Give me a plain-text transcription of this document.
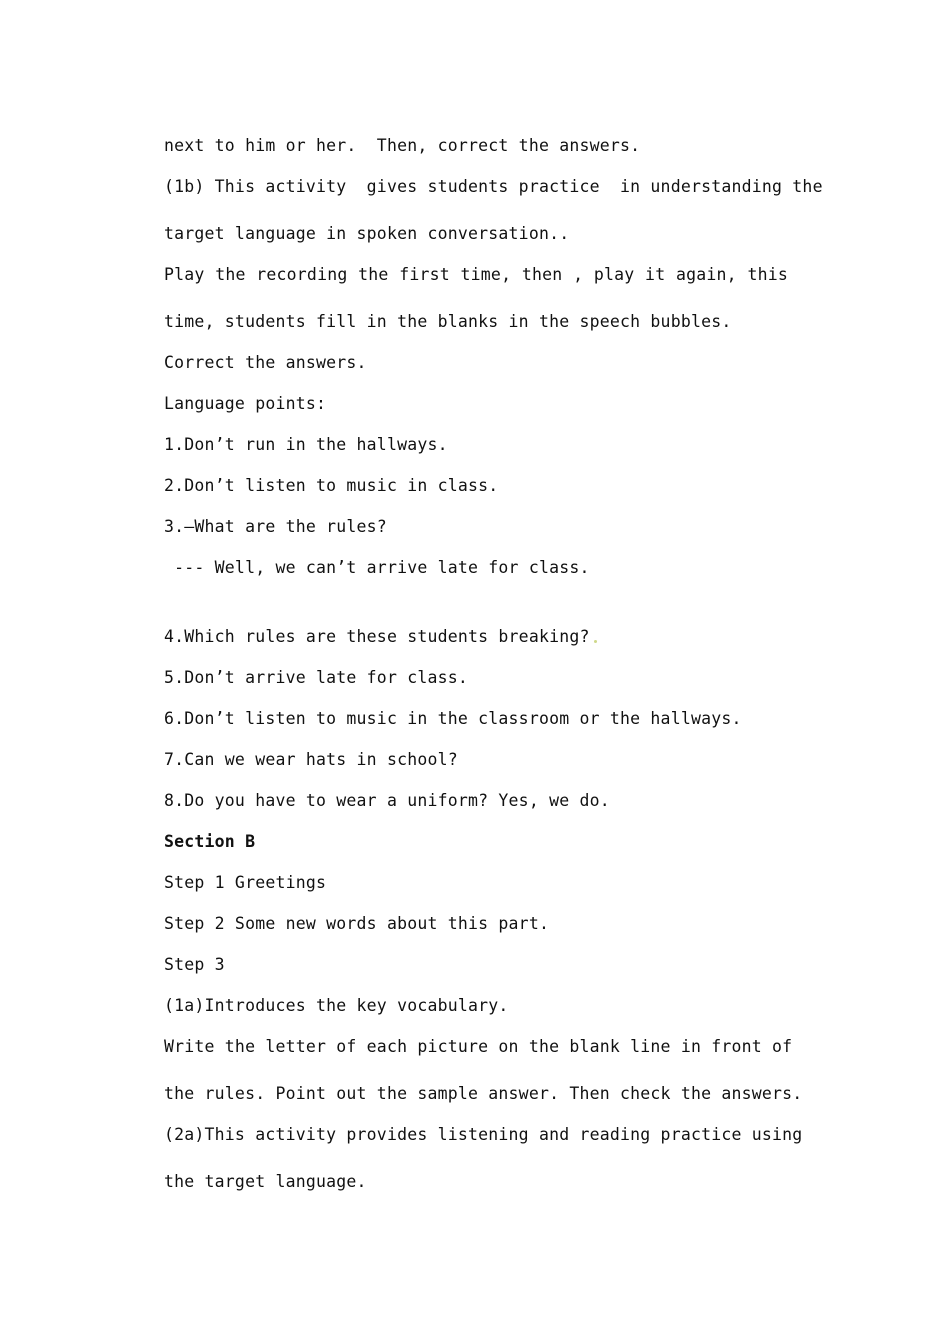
next to him or her.  Then, correct the answers.
(1b) This activity  gives students practice  in understanding the
target language in spoken conversation..
Play the recording the first time, then , play it again, this
time, students fill in the blanks in the speech bubbles.
Correct the answers.
Language points:
1.Don’t run in the hallways.
2.Don’t listen to music in class.
3.—What are the rules?
--- Well, we can’t arrive late for class.
4.Which rules are these students breaking?
5.Don’t arrive late for class.
6.Don’t listen to music in the classroom or the hallways.
7.Can we wear hats in school?
8.Do you have to wear a uniform? Yes, we do.
Section B
Step 1 Greetings
Step 2 Some new words about this part.
Step 3
(1a)Introduces the key vocabulary.
Write the letter of each picture on the blank line in front of
the rules. Point out the sample answer. Then check the answers.
(2a)This activity provides listening and reading practice using
the target language.
